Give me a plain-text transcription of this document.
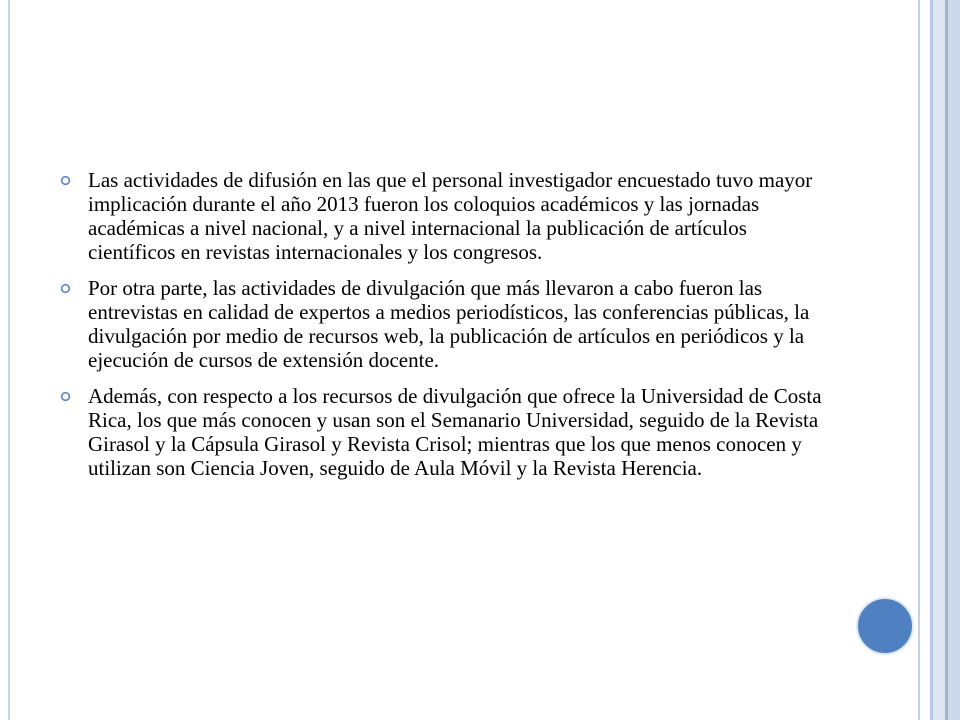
Las actividades de difusión en las que el personal investigador encuestado tuvo mayor implicación durante el año 2013 fueron los coloquios académicos y las jornadas académicas a nivel nacional, y a nivel internacional la publicación de artículos científicos en revistas internacionales y los congresos.
Por otra parte, las actividades de divulgación que más llevaron a cabo fueron las entrevistas en calidad de expertos a medios periodísticos, las conferencias públicas, la divulgación por medio de recursos web, la publicación de artículos en periódicos y la ejecución de cursos de extensión docente.
Además, con respecto a los recursos de divulgación que ofrece la Universidad de Costa Rica, los que más conocen y usan son el Semanario Universidad, seguido de la Revista Girasol y la Cápsula Girasol y Revista Crisol; mientras que los que menos conocen y utilizan son Ciencia Joven, seguido de Aula Móvil y la Revista Herencia.
